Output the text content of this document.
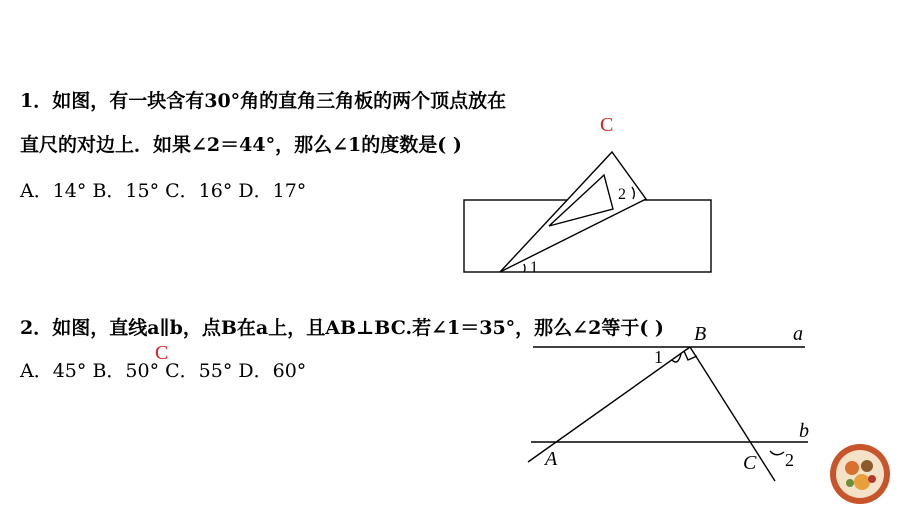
1．如图，有一块含有30°角的直角三角板的两个顶点放在
直尺的对边上．如果∠2＝44°，那么∠1的度数是( )
C
A．14° B．15° C．16° D．17°
2．如图，直线a∥b，点B在a上，且AB⊥BC.若∠1＝35°，那么∠2等于( )
C
A．45° B．50° C．55° D．60°
1
2
B	a
b
A	C
1
2
